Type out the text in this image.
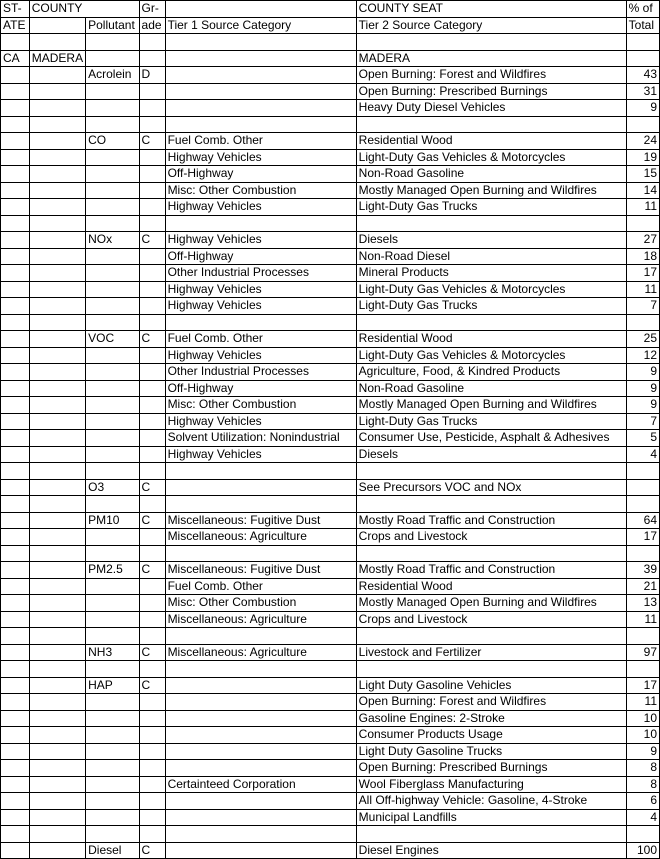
ST-	COUNTY		Gr-		COUNTY SEAT	% of
ATE		Pollutant	ade	Tier 1 Source Category	Tier 2 Source Category	Total

CA	MADERA				MADERA	
		Acrolein	D		Open Burning: Forest and Wildfires	43
					Open Burning: Prescribed Burnings	31
					Heavy Duty Diesel Vehicles	9

		CO	C	Fuel Comb. Other	Residential Wood	24
				Highway Vehicles	Light-Duty Gas Vehicles & Motorcycles	19
				Off-Highway	Non-Road Gasoline	15
				Misc: Other Combustion	Mostly Managed Open Burning and Wildfires	14
				Highway Vehicles	Light-Duty Gas Trucks	11

		NOx	C	Highway Vehicles	Diesels	27
				Off-Highway	Non-Road Diesel	18
				Other Industrial Processes	Mineral Products	17
				Highway Vehicles	Light-Duty Gas Vehicles & Motorcycles	11
				Highway Vehicles	Light-Duty Gas Trucks	7

		VOC	C	Fuel Comb. Other	Residential Wood	25
				Highway Vehicles	Light-Duty Gas Vehicles & Motorcycles	12
				Other Industrial Processes	Agriculture, Food, & Kindred Products	9
				Off-Highway	Non-Road Gasoline	9
				Misc: Other Combustion	Mostly Managed Open Burning and Wildfires	9
				Highway Vehicles	Light-Duty Gas Trucks	7
				Solvent Utilization: Nonindustrial	Consumer Use, Pesticide, Asphalt & Adhesives	5
				Highway Vehicles	Diesels	4

		O3	C		See Precursors VOC and NOx	

		PM10	C	Miscellaneous: Fugitive Dust	Mostly Road Traffic and Construction	64
				Miscellaneous: Agriculture	Crops and Livestock	17

		PM2.5	C	Miscellaneous: Fugitive Dust	Mostly Road Traffic and Construction	39
				Fuel Comb. Other	Residential Wood	21
				Misc: Other Combustion	Mostly Managed Open Burning and Wildfires	13
				Miscellaneous: Agriculture	Crops and Livestock	11

		NH3	C	Miscellaneous: Agriculture	Livestock and Fertilizer	97

		HAP	C		Light Duty Gasoline Vehicles	17
					Open Burning: Forest and Wildfires	11
					Gasoline Engines: 2-Stroke	10
					Consumer Products Usage	10
					Light Duty Gasoline Trucks	9
					Open Burning: Prescribed Burnings	8
				Certainteed Corporation	Wool Fiberglass Manufacturing	8
					All Off-highway Vehicle: Gasoline, 4-Stroke	6
					Municipal Landfills	4

		Diesel	C		Diesel Engines	100
